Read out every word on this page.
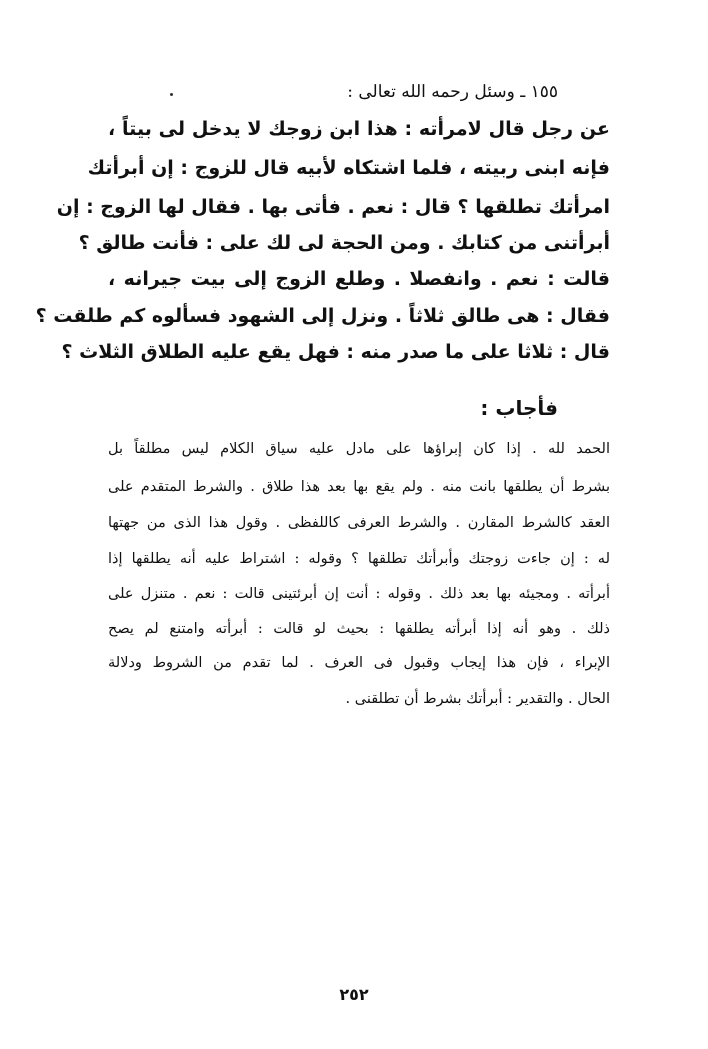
١٥٥ ـ وسئل رحمه الله تعالى :
عن رجل قال لامرأته : هذا ابن زوجك لا يدخل لى بيتاً ،
فإنه ابنى ربيته ، فلما اشتكاه لأبيه قال للزوج : إن أبرأتك
امرأتك تطلقها ؟ قال : نعم . فأتى بها . فقال لها الزوج : إن
أبرأتنى من كتابك . ومن الحجة لى لك على : فأنت طالق ؟
قالت : نعم . وانفصلا . وطلع الزوج إلى بيت جيرانه ،
فقال : هى طالق ثلاثاً . ونزل إلى الشهود فسألوه كم طلقت ؟
قال : ثلاثا على ما صدر منه : فهل يقع عليه الطلاق الثلاث ؟
فأجاب :
الحمد لله . إذا كان إبراؤها على مادل عليه سياق الكلام ليس مطلقاً بل
بشرط أن يطلقها بانت منه . ولم يقع بها بعد هذا طلاق . والشرط المتقدم على
العقد كالشرط المقارن . والشرط العرفى كاللفظى . وقول هذا الذى من جهتها
له : إن جاءت زوجتك وأبرأتك تطلقها ؟ وقوله : اشتراط عليه أنه يطلقها إذا
أبرأته . ومجيئه بها بعد ذلك . وقوله : أنت إن أبرئتينى قالت : نعم . متنزل على
ذلك . وهو أنه إذا أبرأته يطلقها : بحيث لو قالت : أبرأته وامتنع لم يصح
الإبراء ، فإن هذا إيجاب وقبول فى العرف . لما تقدم من الشروط ودلالة
الحال . والتقدير : أبرأتك بشرط أن تطلقنى .
٢٥٢
